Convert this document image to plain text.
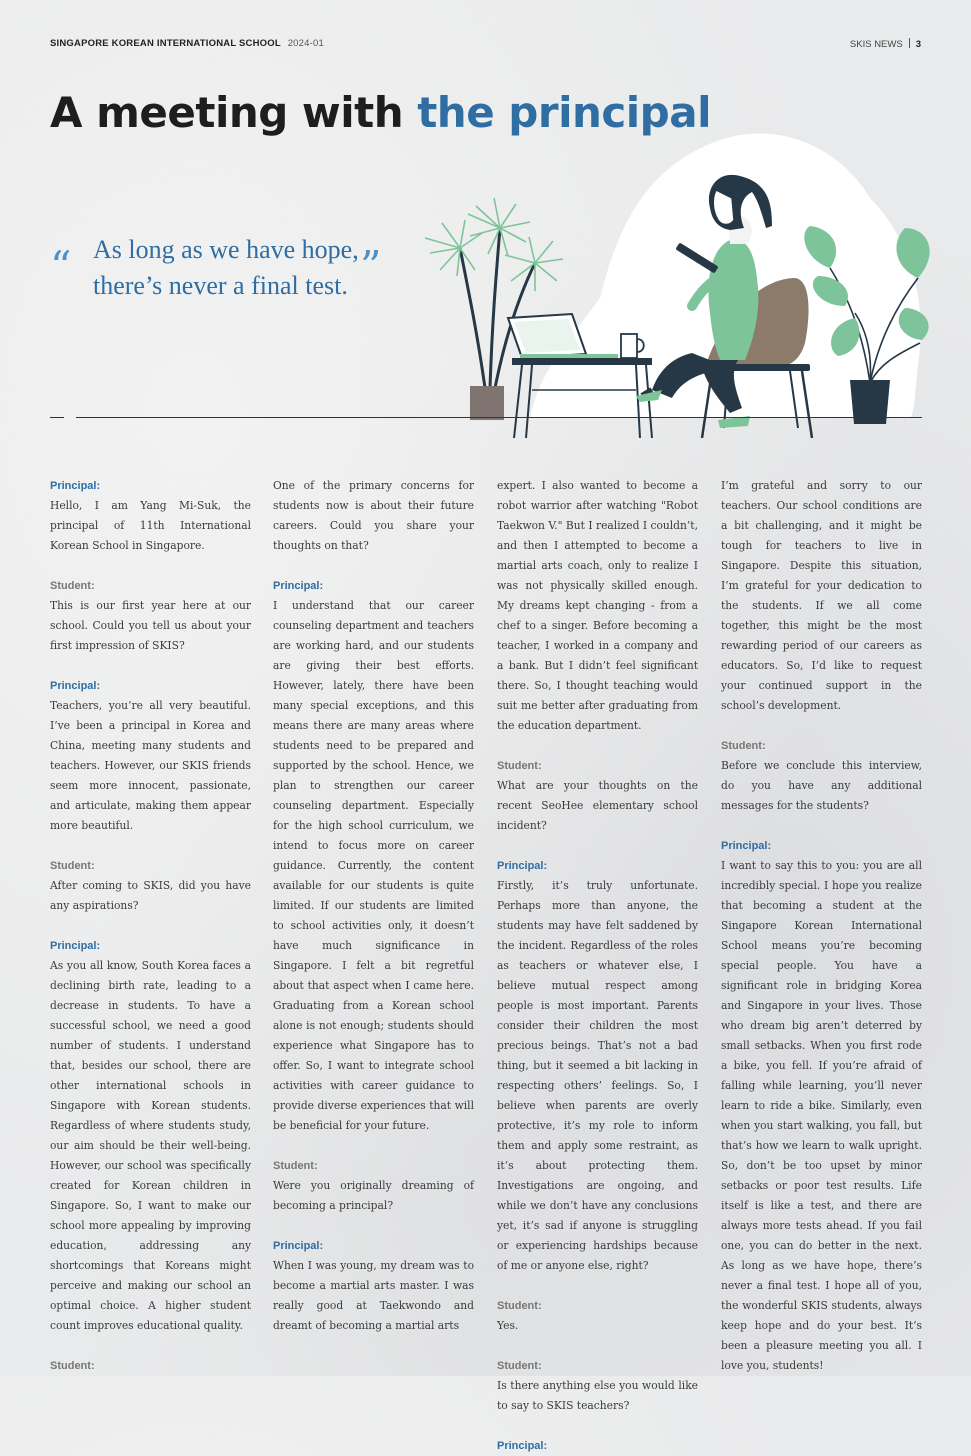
SINGAPORE KOREAN INTERNATIONAL SCHOOL 2024-01	SKIS NEWS 3
A meeting with the principal
“ As long as we have hope,
there’s never a final test. ”
Principal:

Hello, I am Yang Mi-Suk, the principal of 11th International Korean School in Singapore.

Student:

This is our first year here at our school. Could you tell us about your first impression of SKIS?

Principal:

Teachers, you’re all very beautiful. I’ve been a principal in Korea and China, meeting many students and teachers. However, our SKIS friends seem more innocent, passionate, and articulate, making them appear more beautiful.

Student:

After coming to SKIS, did you have any aspirations?

Principal:

As you all know, South Korea faces a declining birth rate, leading to a decrease in students. To have a successful school, we need a good number of students. I understand that, besides our school, there are other international schools in Singapore with Korean students. Regardless of where students study, our aim should be their well-being. However, our school was specifically created for Korean children in Singapore. So, I want to make our school more appealing by improving education, addressing any shortcomings that Koreans might perceive and making our school an optimal choice. A higher student count improves educational quality.

Student:

One of the primary concerns for students now is about their future careers. Could you share your thoughts on that?

Principal:

I understand that our career counseling department and teachers are working hard, and our students are giving their best efforts. However, lately, there have been many special exceptions, and this means there are many areas where students need to be prepared and supported by the school. Hence, we plan to strengthen our career counseling department. Especially for the high school curriculum, we intend to focus more on career guidance. Currently, the content available for our students is quite limited. If our students are limited to school activities only, it doesn’t have much significance in Singapore. I felt a bit regretful about that aspect when I came here. Graduating from a Korean school alone is not enough; students should experience what Singapore has to offer. So, I want to integrate school activities with career guidance to provide diverse experiences that will be beneficial for your future.

Student:

Were you originally dreaming of becoming a principal?

Principal:

When I was young, my dream was to become a martial arts master. I was really good at Taekwondo and dreamt of becoming a martial arts

expert. I also wanted to become a robot warrior after watching "Robot Taekwon V." But I realized I couldn’t, and then I attempted to become a martial arts coach, only to realize I was not physically skilled enough. My dreams kept changing - from a chef to a singer. Before becoming a teacher, I worked in a company and a bank. But I didn’t feel significant there. So, I thought teaching would suit me better after graduating from the education department.

Student:

What are your thoughts on the recent SeoHee elementary school incident?

Principal:

Firstly, it’s truly unfortunate. Perhaps more than anyone, the students may have felt saddened by the incident. Regardless of the roles as teachers or whatever else, I believe mutual respect among people is most important. Parents consider their children the most precious beings. That’s not a bad thing, but it seemed a bit lacking in respecting others’ feelings. So, I believe when parents are overly protective, it’s my role to inform them and apply some restraint, as it’s about protecting them. Investigations are ongoing, and while we don’t have any conclusions yet, it’s sad if anyone is struggling or experiencing hardships because of me or anyone else, right?

Student:

Yes.

Student:

Is there anything else you would like to say to SKIS teachers?

Principal:

I’m grateful and sorry to our teachers. Our school conditions are a bit challenging, and it might be tough for teachers to live in Singapore. Despite this situation, I’m grateful for your dedication to the students. If we all come together, this might be the most rewarding period of our careers as educators. So, I’d like to request your continued support in the school’s development.

Student:

Before we conclude this interview, do you have any additional messages for the students?

Principal:

I want to say this to you: you are all incredibly special. I hope you realize that becoming a student at the Singapore Korean International School means you’re becoming special people. You have a significant role in bridging Korea and Singapore in your lives. Those who dream big aren’t deterred by small setbacks. When you first rode a bike, you fell. If you’re afraid of falling while learning, you’ll never learn to ride a bike. Similarly, even when you start walking, you fall, but that’s how we learn to walk upright. So, don’t be too upset by minor setbacks or poor test results. Life itself is like a test, and there are always more tests ahead. If you fail one, you can do better in the next. As long as we have hope, there’s never a final test. I hope all of you, the wonderful SKIS students, always keep hope and do your best. It’s been a pleasure meeting you all. I love you, students!
